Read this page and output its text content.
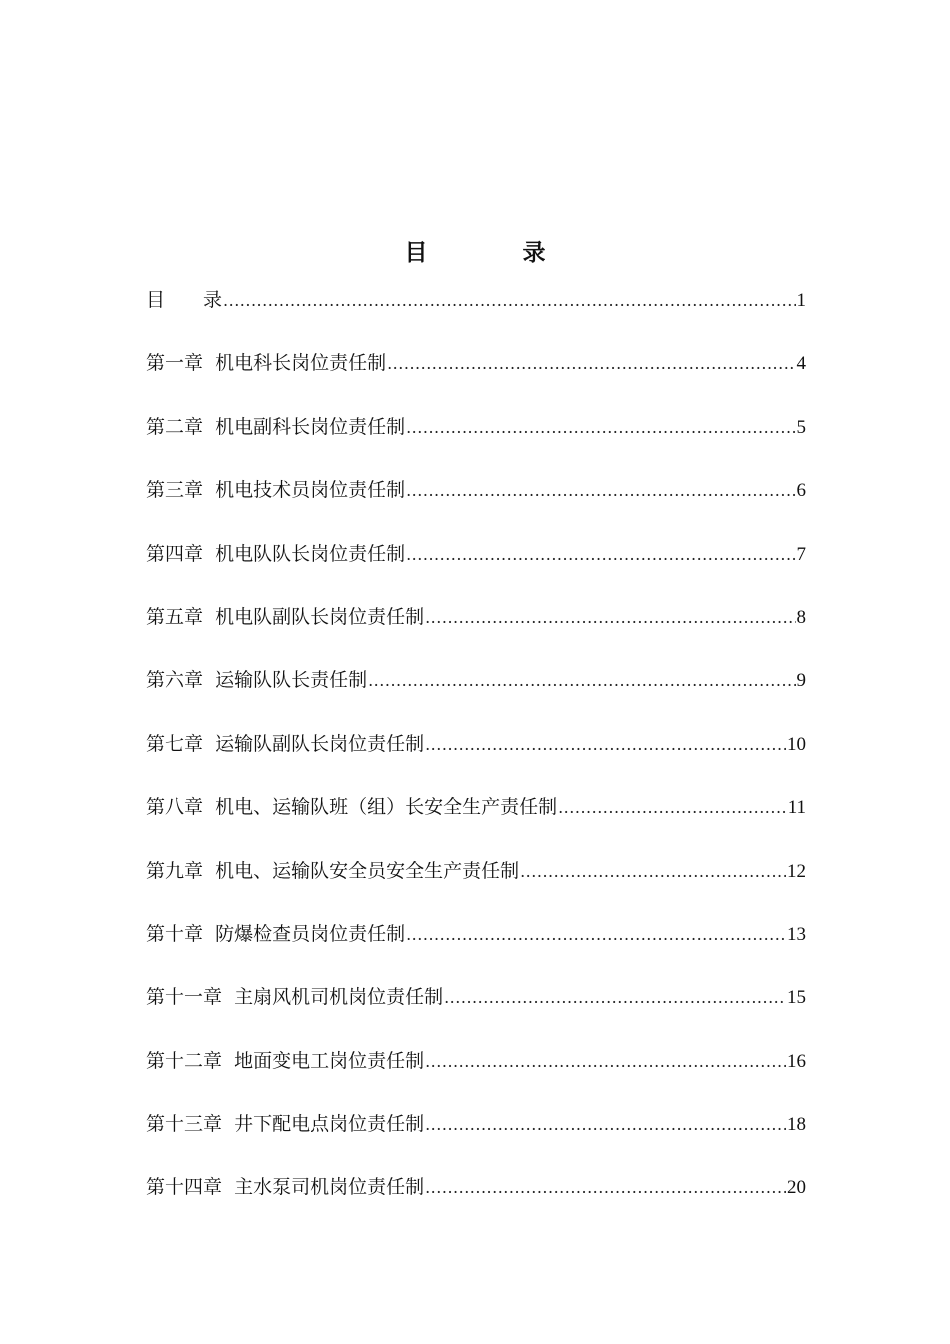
目　录
目　　录 .....	1
第一章  机电科长岗位责任制 .....	4
第二章  机电副科长岗位责任制 .....	5
第三章  机电技术员岗位责任制 .....	6
第四章  机电队队长岗位责任制 .....	7
第五章  机电队副队长岗位责任制 .....	8
第六章  运输队队长责任制 .....	9
第七章  运输队副队长岗位责任制 .....	10
第八章  机电、运输队班（组）长安全生产责任制 .....	11
第九章  机电、运输队安全员安全生产责任制 .....	12
第十章  防爆检查员岗位责任制 .....	13
第十一章  主扇风机司机岗位责任制 .....	15
第十二章  地面变电工岗位责任制 .....	16
第十三章  井下配电点岗位责任制 .....	18
第十四章  主水泵司机岗位责任制 .....	20
